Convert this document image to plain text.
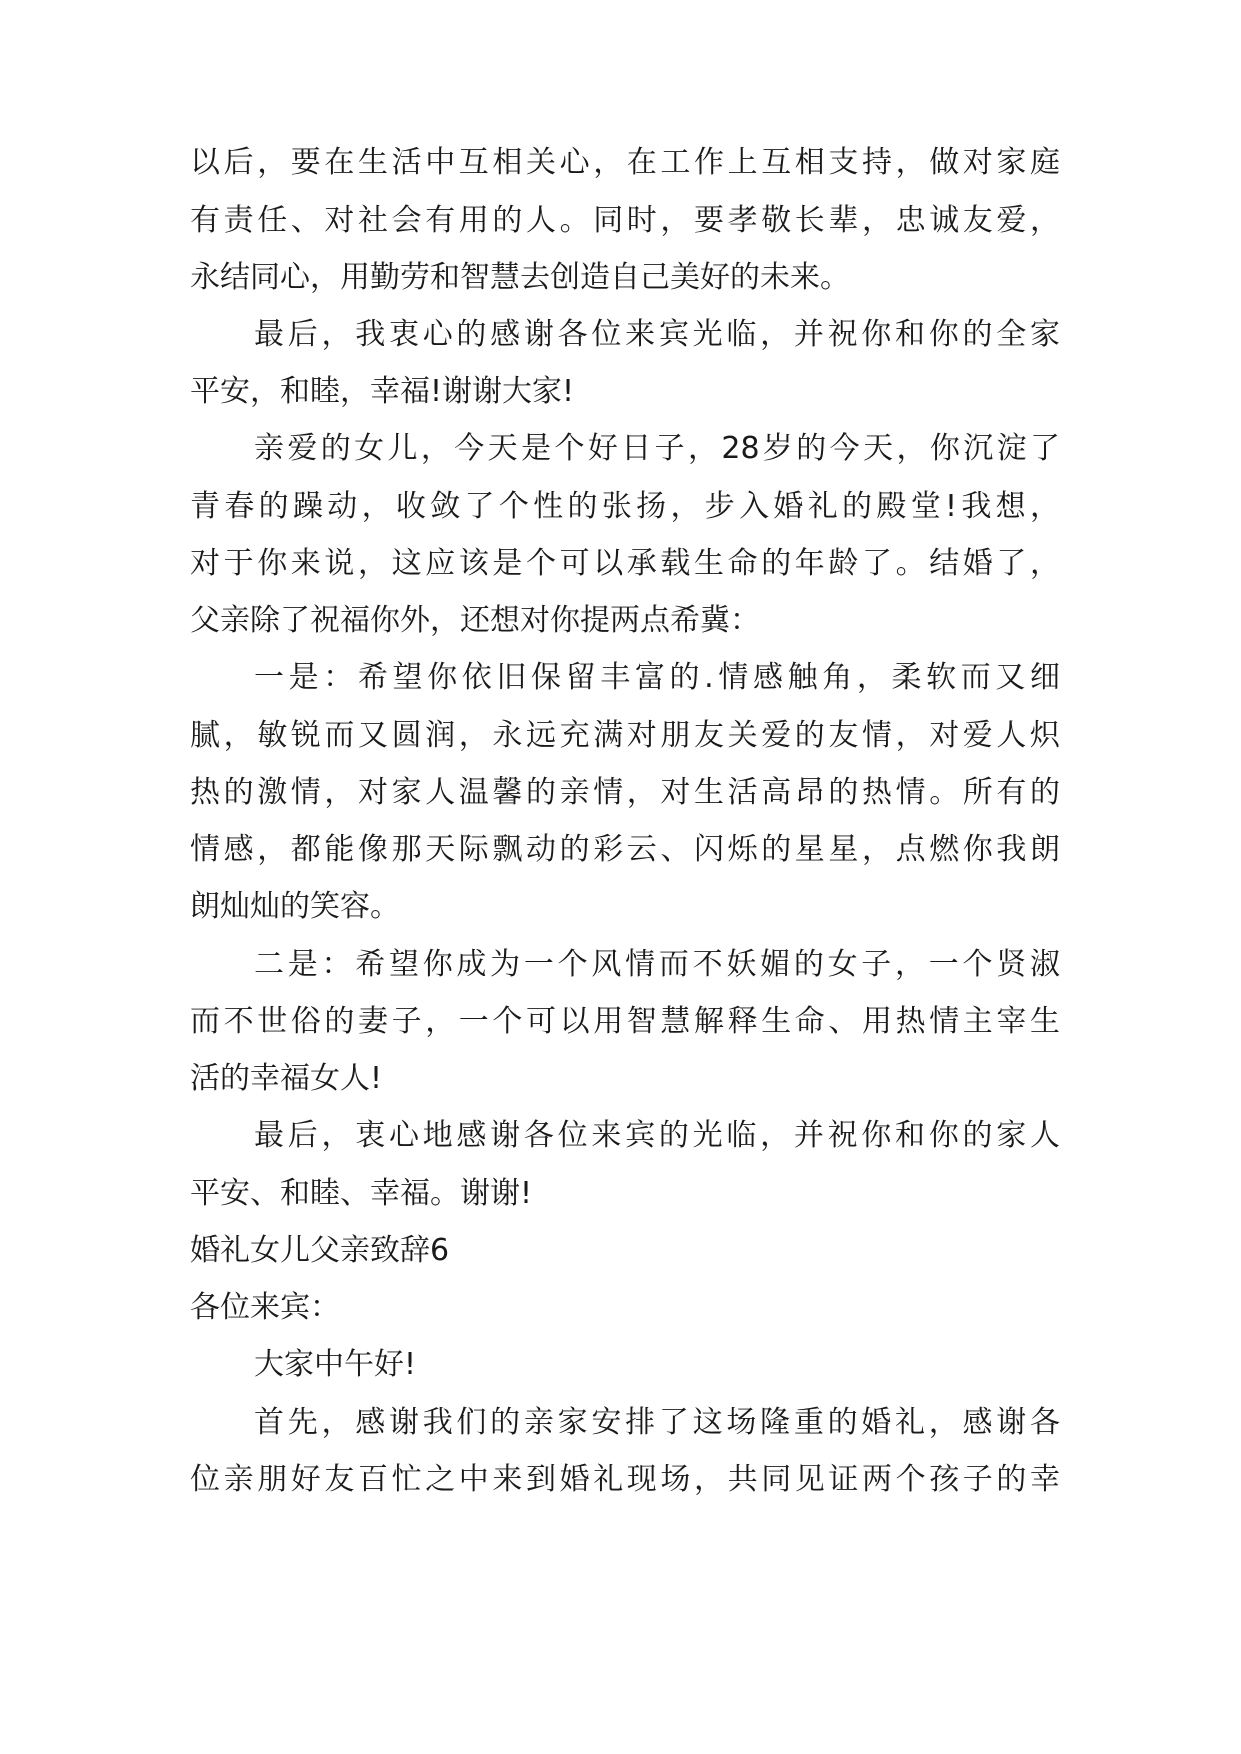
以后，要在生活中互相关心，在工作上互相支持，做对家庭
有责任、对社会有用的人。同时，要孝敬长辈，忠诚友爱，
永结同心，用勤劳和智慧去创造自己美好的未来。
最后，我衷心的感谢各位来宾光临，并祝你和你的全家
平安，和睦，幸福!谢谢大家!
亲爱的女儿，今天是个好日子，28岁的今天，你沉淀了
青春的躁动，收敛了个性的张扬，步入婚礼的殿堂!我想，
对于你来说，这应该是个可以承载生命的年龄了。结婚了，
父亲除了祝福你外，还想对你提两点希冀：
一是：希望你依旧保留丰富的.情感触角，柔软而又细
腻，敏锐而又圆润，永远充满对朋友关爱的友情，对爱人炽
热的激情，对家人温馨的亲情，对生活高昂的热情。所有的
情感，都能像那天际飘动的彩云、闪烁的星星，点燃你我朗
朗灿灿的笑容。
二是：希望你成为一个风情而不妖媚的女子，一个贤淑
而不世俗的妻子，一个可以用智慧解释生命、用热情主宰生
活的幸福女人!
最后，衷心地感谢各位来宾的光临，并祝你和你的家人
平安、和睦、幸福。谢谢!
婚礼女儿父亲致辞6
各位来宾：
大家中午好!
首先，感谢我们的亲家安排了这场隆重的婚礼，感谢各
位亲朋好友百忙之中来到婚礼现场，共同见证两个孩子的幸
